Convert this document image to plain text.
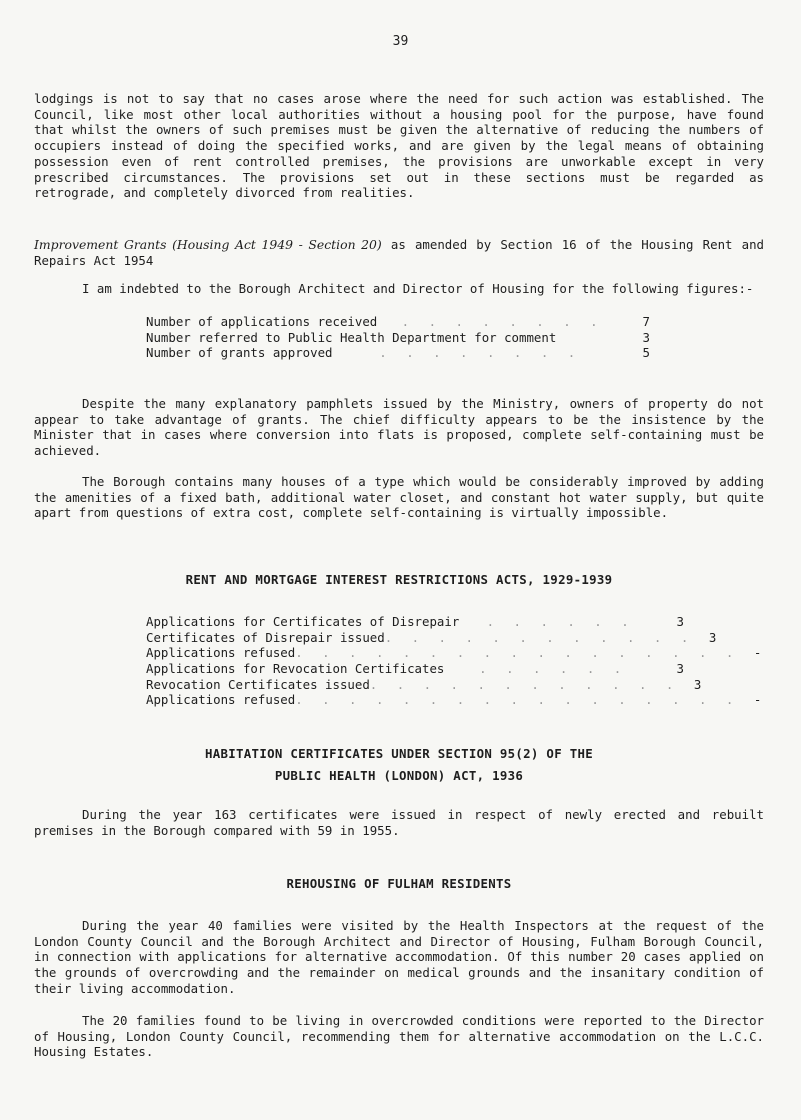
39

lodgings is not to say that no cases arose where the need for such action was established. The Council, like most other local authorities without a housing pool for the purpose, have found that whilst the owners of such premises must be given the alternative of reducing the numbers of occupiers instead of doing the specified works, and are given by the legal means of obtaining possession even of rent controlled premises, the provisions are unworkable except in very prescribed circumstances. The provisions set out in these sections must be regarded as retrograde, and completely divorced from realities.

Improvement Grants (Housing Act 1949 - Section 20) as amended by Section 16 of the Housing Rent and Repairs Act 1954

I am indebted to the Borough Architect and Director of Housing for the following figures:-

Number of applications received	. . . . . . . .	7
Number referred to Public Health Department for comment	3
Number of grants approved	. . . . . . . .	5

Despite the many explanatory pamphlets issued by the Ministry, owners of property do not appear to take advantage of grants. The chief difficulty appears to be the insistence by the Minister that in cases where conversion into flats is proposed, complete self-containing must be achieved.

The Borough contains many houses of a type which would be considerably improved by adding the amenities of a fixed bath, additional water closet, and constant hot water supply, but quite apart from questions of extra cost, complete self-containing is virtually impossible.

RENT AND MORTGAGE INTEREST RESTRICTIONS ACTS, 1929-1939
Applications for Certificates of Disrepair	. . . . . .	3
Certificates of Disrepair issued . . . . . . . . . . . .	3
Applications refused . . . . . . . . . . . . . . . . .	-
Applications for Revocation Certificates	. . . . . .	3
Revocation Certificates issued . . . . . . . . . . . .	3
Applications refused . . . . . . . . . . . . . . . . .	-
HABITATION CERTIFICATES UNDER SECTION 95(2) OF THE
PUBLIC HEALTH (LONDON) ACT, 1936

During the year 163 certificates were issued in respect of newly erected and rebuilt premises in the Borough compared with 59 in 1955.

REHOUSING OF FULHAM RESIDENTS

During the year 40 families were visited by the Health Inspectors at the request of the London County Council and the Borough Architect and Director of Housing, Fulham Borough Council, in connection with applications for alternative accommodation. Of this number 20 cases applied on the grounds of overcrowding and the remainder on medical grounds and the insanitary condition of their living accommodation.

The 20 families found to be living in overcrowded conditions were reported to the Director of Housing, London County Council, recommending them for alternative accommodation on the L.C.C. Housing Estates.
